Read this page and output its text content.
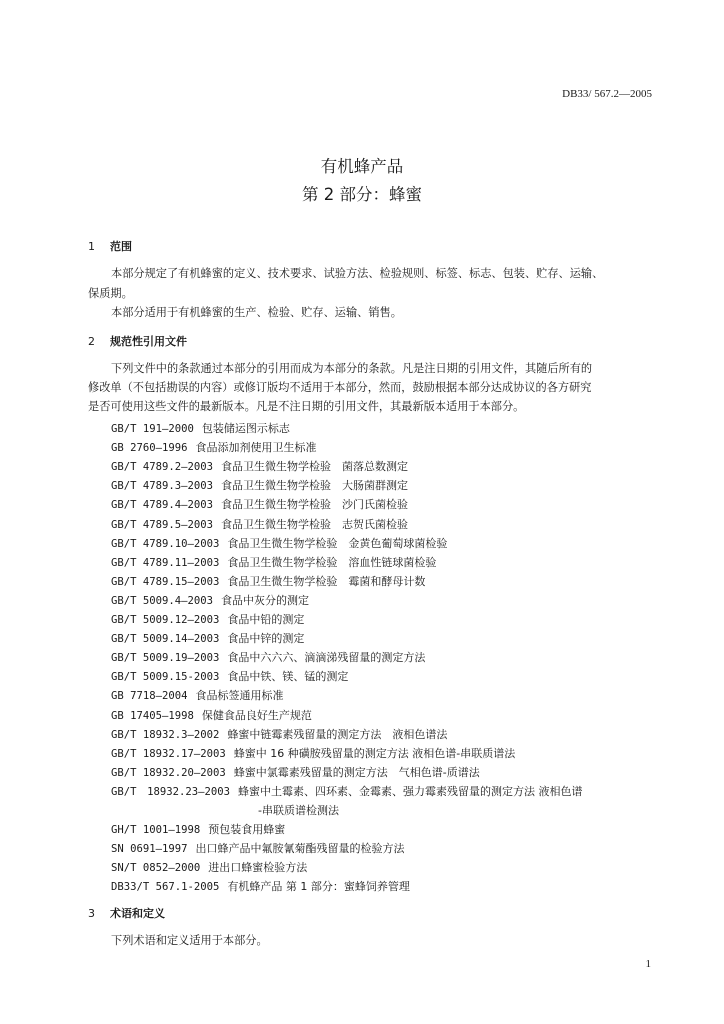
DB33/ 567.2—2005
有机蜂产品
第 2 部分：蜂蜜
1 范围
本部分规定了有机蜂蜜的定义、技术要求、试验方法、检验规则、标签、标志、包装、贮存、运输、
保质期。
本部分适用于有机蜂蜜的生产、检验、贮存、运输、销售。
2 规范性引用文件
下列文件中的条款通过本部分的引用而成为本部分的条款。凡是注日期的引用文件，其随后所有的
修改单（不包括勘误的内容）或修订版均不适用于本部分，然而，鼓励根据本部分达成协议的各方研究
是否可使用这些文件的最新版本。凡是不注日期的引用文件，其最新版本适用于本部分。
GB/T 191—2000 包装储运图示标志
GB 2760—1996 食品添加剂使用卫生标准
GB/T 4789.2—2003 食品卫生微生物学检验　菌落总数测定
GB/T 4789.3—2003 食品卫生微生物学检验　大肠菌群测定
GB/T 4789.4—2003 食品卫生微生物学检验　沙门氏菌检验
GB/T 4789.5—2003 食品卫生微生物学检验　志贺氏菌检验
GB/T 4789.10—2003 食品卫生微生物学检验　金黄色葡萄球菌检验
GB/T 4789.11—2003 食品卫生微生物学检验　溶血性链球菌检验
GB/T 4789.15—2003 食品卫生微生物学检验　霉菌和酵母计数
GB/T 5009.4—2003 食品中灰分的测定
GB/T 5009.12—2003 食品中铅的测定
GB/T 5009.14—2003 食品中锌的测定
GB/T 5009.19—2003 食品中六六六、滴滴涕残留量的测定方法
GB/T 5009.15-2003 食品中铁、镁、锰的测定
GB 7718—2004 食品标签通用标准
GB 17405—1998 保健食品良好生产规范
GB/T 18932.3—2002 蜂蜜中链霉素残留量的测定方法　液相色谱法
GB/T 18932.17—2003 蜂蜜中 16 种磺胺残留量的测定方法 液相色谱-串联质谱法
GB/T 18932.20—2003 蜂蜜中氯霉素残留量的测定方法　气相色谱-质谱法
GB/T　18932.23—2003 蜂蜜中土霉素、四环素、金霉素、强力霉素残留量的测定方法 液相色谱
-串联质谱检测法
GH/T 1001—1998 预包装食用蜂蜜
SN 0691—1997 出口蜂产品中氟胺氰菊酯残留量的检验方法
SN/T 0852—2000 进出口蜂蜜检验方法
DB33/T 567.1-2005 有机蜂产品 第 1 部分：蜜蜂饲养管理
3 术语和定义
下列术语和定义适用于本部分。
1
